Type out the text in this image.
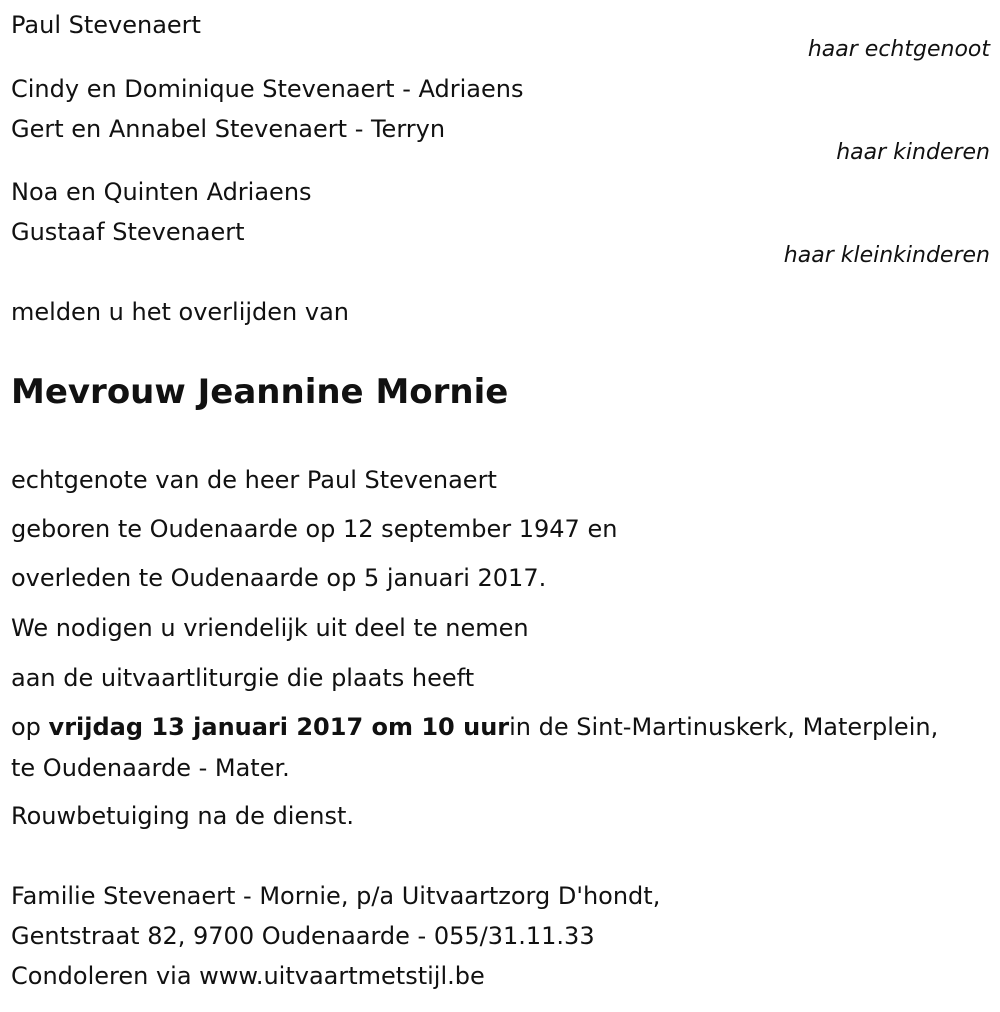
Paul Stevenaert
haar echtgenoot
Cindy en Dominique Stevenaert - Adriaens
Gert en Annabel Stevenaert - Terryn
haar kinderen
Noa en Quinten Adriaens
Gustaaf Stevenaert
haar kleinkinderen
melden u het overlijden van
Mevrouw Jeannine Mornie
echtgenote van de heer Paul Stevenaert
geboren te Oudenaarde op 12 september 1947 en
overleden te Oudenaarde op 5 januari 2017.
We nodigen u vriendelijk uit deel te nemen
aan de uitvaartliturgie die plaats heeft
op vrijdag 13 januari 2017 om 10 uurin de Sint-Martinuskerk, Materplein,
te Oudenaarde - Mater.
Rouwbetuiging na de dienst.
Familie Stevenaert - Mornie, p/a Uitvaartzorg D'hondt,
Gentstraat 82, 9700 Oudenaarde - 055/31.11.33
Condoleren via www.uitvaartmetstijl.be
